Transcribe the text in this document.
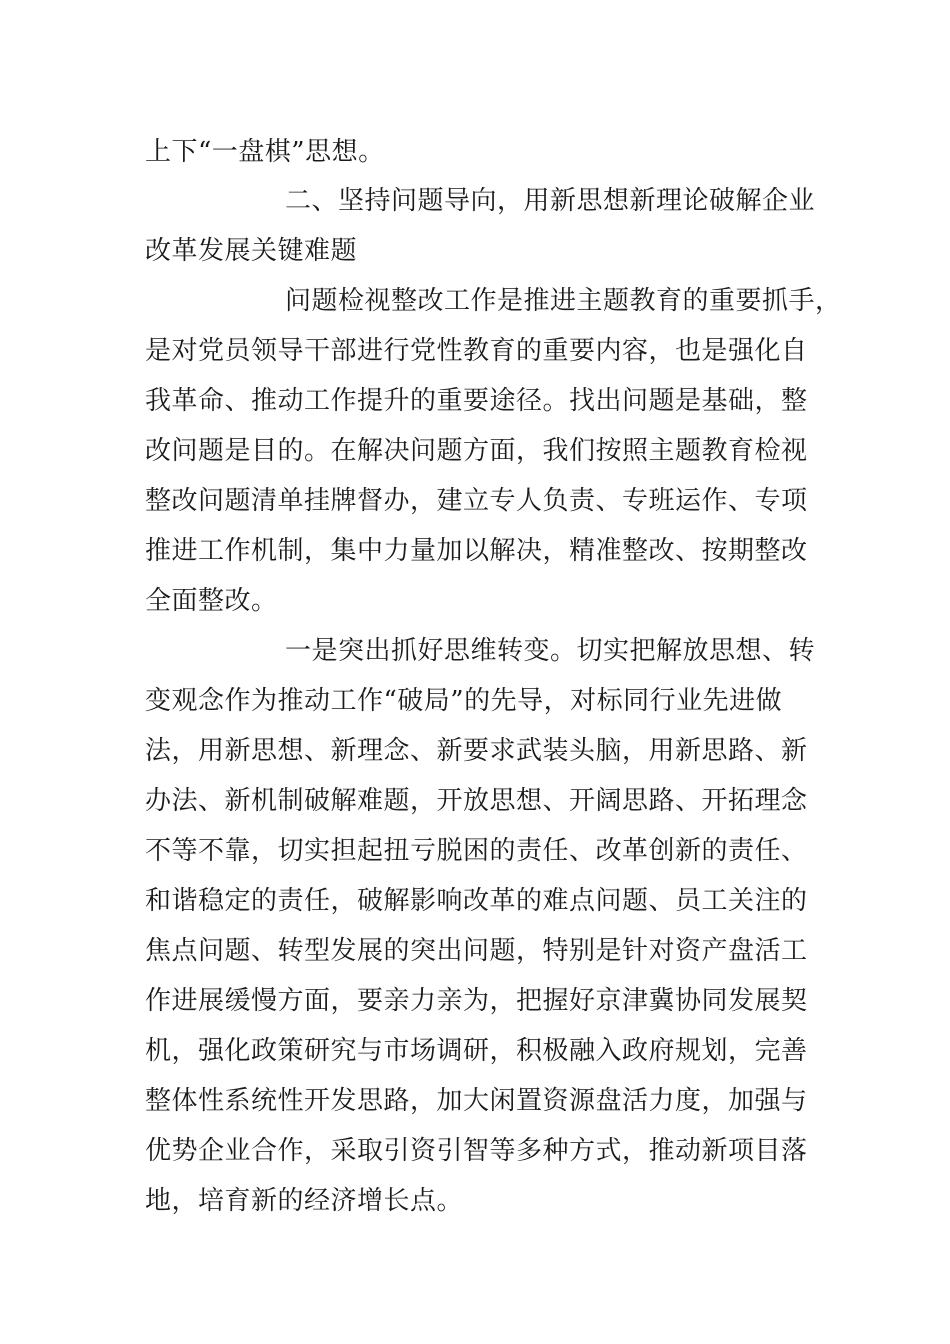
上下“一盘棋”思想。

二、坚持问题导向，用新思想新理论破解企业

改革发展关键难题

问题检视整改工作是推进主题教育的重要抓手，

是对党员领导干部进行党性教育的重要内容，也是强化自

我革命、推动工作提升的重要途径。找出问题是基础，整

改问题是目的。在解决问题方面，我们按照主题教育检视

整改问题清单挂牌督办，建立专人负责、专班运作、专项

推进工作机制，集中力量加以解决，精准整改、按期整改

全面整改。

一是突出抓好思维转变。切实把解放思想、转

变观念作为推动工作“破局”的先导，对标同行业先进做

法，用新思想、新理念、新要求武装头脑，用新思路、新

办法、新机制破解难题，开放思想、开阔思路、开拓理念

不等不靠，切实担起扭亏脱困的责任、改革创新的责任、

和谐稳定的责任，破解影响改革的难点问题、员工关注的

焦点问题、转型发展的突出问题，特别是针对资产盘活工

作进展缓慢方面，要亲力亲为，把握好京津冀协同发展契

机，强化政策研究与市场调研，积极融入政府规划，完善

整体性系统性开发思路，加大闲置资源盘活力度，加强与

优势企业合作，采取引资引智等多种方式，推动新项目落

地，培育新的经济增长点。
